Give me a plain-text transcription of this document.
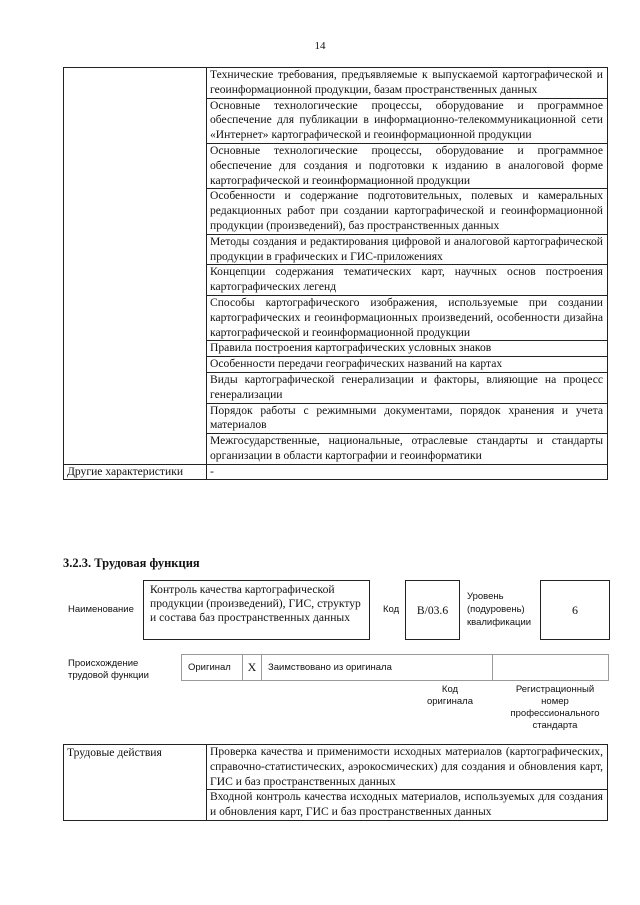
14
	Технические требования, предъявляемые к выпускаемой картографической и геоинформационной продукции, базам пространственных данных
	Основные технологические процессы, оборудование и программное обеспечение для публикации в информационно-телекоммуникационной сети «Интернет» картографической и геоинформационной продукции
	Основные технологические процессы, оборудование и программное обеспечение для создания и подготовки к изданию в аналоговой форме картографической и геоинформационной продукции
	Особенности и содержание подготовительных, полевых и камеральных редакционных работ при создании картографической и геоинформационной продукции (произведений), баз пространственных данных
	Методы создания и редактирования цифровой и аналоговой картографической продукции в графических и ГИС-приложениях
	Концепции содержания тематических карт, научных основ построения картографических легенд
	Способы картографического изображения, используемые при создании картографических и геоинформационных произведений, особенности дизайна картографической и геоинформационной продукции
	Правила построения картографических условных знаков
	Особенности передачи географических названий на картах
	Виды картографической генерализации и факторы, влияющие на процесс генерализации
	Порядок работы с режимными документами, порядок хранения и учета материалов
	Межгосударственные, национальные, отраслевые стандарты и стандарты организации в области картографии и геоинформатики
Другие характеристики	-
3.2.3. Трудовая функция
Наименование
Контроль качества картографической продукции (произведений), ГИС, структур и состава баз пространственных данных
Код	B/03.6
Уровень (подуровень) квалификации
6
Происхождение трудовой функции
Оригинал	X	Заимствовано из оригинала
Код оригинала
Регистрационный номер профессионального стандарта
Трудовые действия	Проверка качества и применимости исходных материалов (картографических, справочно-статистических, аэрокосмических) для создания и обновления карт, ГИС и баз пространственных данных
Входной контроль качества исходных материалов, используемых для создания и обновления карт, ГИС и баз пространственных данных
